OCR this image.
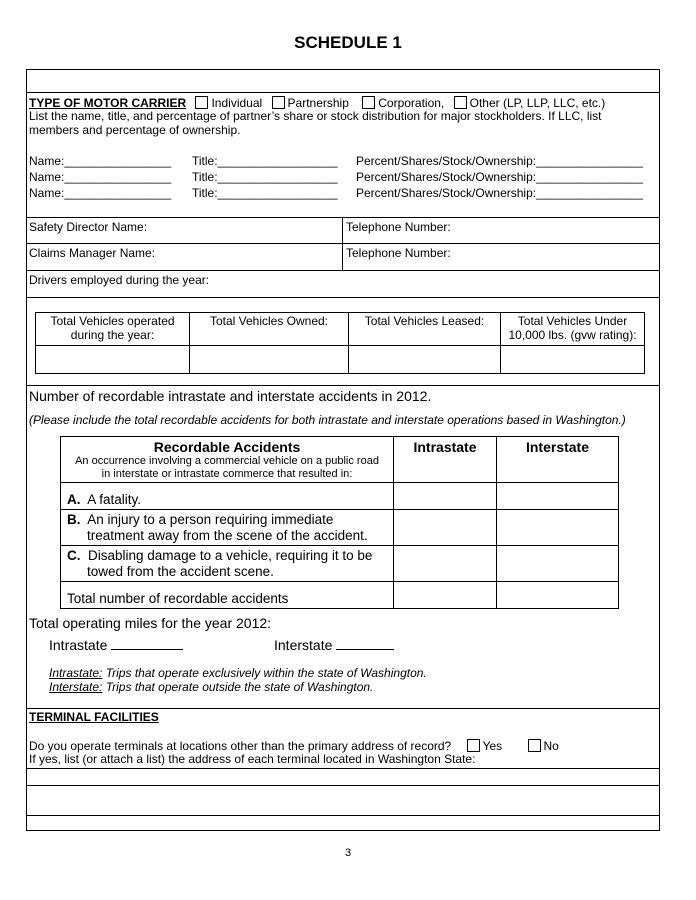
SCHEDULE 1
TYPE OF MOTOR CARRIER Individual Partnership Corporation, Other (LP, LLP, LLC, etc.)
List the name, title, and percentage of partner’s share or stock distribution for major stockholders. If LLC, list
members and percentage of ownership.
Name:________________ Title:__________________ Percent/Shares/Stock/Ownership:________________
Name:________________ Title:__________________ Percent/Shares/Stock/Ownership:________________
Name:________________ Title:__________________ Percent/Shares/Stock/Ownership:________________
Safety Director Name:	Telephone Number:
Claims Manager Name:	Telephone Number:
Drivers employed during the year:
Total Vehicles operated
during the year:	Total Vehicles Owned:	Total Vehicles Leased:	Total Vehicles Under
10,000 lbs. (gvw rating):

Number of recordable intrastate and interstate accidents in 2012.
(Please include the total recordable accidents for both intrastate and interstate operations based in Washington.)
Recordable Accidents
An occurrence involving a commercial vehicle on a public road
in interstate or intrastate commerce that resulted in:	Intrastate	Interstate
A. A fatality.		
B. An injury to a person requiring immediate
treatment away from the scene of the accident.		
C. Disabling damage to a vehicle, requiring it to be
towed from the accident scene.		
Total number of recordable accidents		
Total operating miles for the year 2012:
Intrastate	Interstate
Intrastate: Trips that operate exclusively within the state of Washington.
Interstate: Trips that operate outside the state of Washington.
TERMINAL FACILITIES
Do you operate terminals at locations other than the primary address of record?	Yes	No
If yes, list (or attach a list) the address of each terminal located in Washington State:
3
